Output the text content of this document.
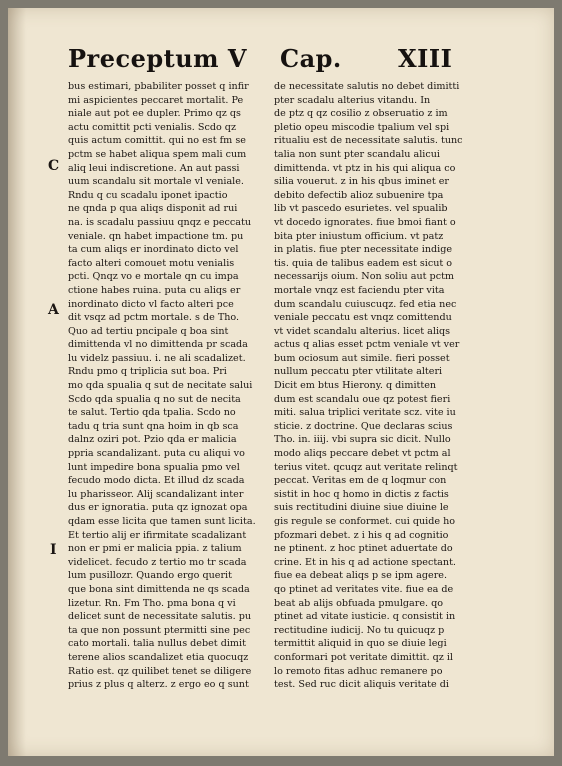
Preceptum V Cap. XIII
C
A
I
bus estimari, pbabiliter posset q infir
mi aspicientes peccaret mortalit. Pe
niale aut pot ee dupler. Primo qz qs
actu comittit pcti venialis. Scdo qz
quis actum comittit. qui no est fm se
pctm se habet aliqua spem mali cum
aliq leui indiscretione. An aut passi
uum scandalu sit mortale vl veniale.
Rndu q cu scadalu iponet ipactio
ne qnda p qua aliqs disponit ad rui
na. is scadalu passiuu qnqz e peccatu
veniale. qn habet impactione tm. pu
ta cum aliqs er inordinato dicto vel
facto alteri comouet motu venialis
pcti. Qnqz vo e mortale qn cu impa
ctione habes ruina. puta cu aliqs er
inordinato dicto vl facto alteri pce
dit vsqz ad pctm mortale. s de Tho.
Quo ad tertiu pncipale q boa sint
dimittenda vl no dimittenda pr scada
lu videlz passiuu. i. ne ali scadalizet.
Rndu pmo q triplicia sut boa. Pri
mo qda spualia q sut de necitate salui
Scdo qda spualia q no sut de necita
te salut. Tertio qda tpalia. Scdo no
tadu q tria sunt qna hoim in qb sca
dalnz oziri pot. Pzio qda er malicia
ppria scandalizant. puta cu aliqui vo
lunt impedire bona spualia pmo vel
fecudo modo dicta. Et illud dz scada
lu pharisseor. Alij scandalizant inter
dus er ignoratia. puta qz ignozat opa
qdam esse licita que tamen sunt licita.
Et tertio alij er ifirmitate scadalizant
non er pmi er malicia ppia. z talium
videlicet. fecudo z tertio mo tr scada
lum pusillozr. Quando ergo querit
que bona sint dimittenda ne qs scada
lizetur. Rn. Fm Tho. pma bona q vi
delicet sunt de necessitate salutis. pu
ta que non possunt ptermitti sine pec
cato mortali. talia nullus debet dimit
terene alios scandalizet etia quocuqz
Ratio est. qz quilibet tenet se diligere
prius z plus q alterz. z ergo eo q sunt
de necessitate salutis no debet dimitti
pter scadalu alterius vitandu. In
de ptz q qz cosilio z obseruatio z im
pletio opeu miscodie tpalium vel spi
ritualiu est de necessitate salutis. tunc
talia non sunt pter scandalu alicui
dimittenda. vt ptz in his qui aliqua co
silia vouerut. z in his qbus iminet er
debito defectib alioz subuenire tpa
lib vt pascedo esurietes. vel spualib
vt docedo ignorates. fiue bmoi fiant o
bita pter iniustum officium. vt patz
in platis. fiue pter necessitate indige
tis. quia de talibus eadem est sicut o
necessarijs oium. Non soliu aut pctm
mortale vnqz est faciendu pter vita
dum scandalu cuiuscuqz. fed etia nec
veniale peccatu est vnqz comittendu
vt videt scandalu alterius. licet aliqs
actus q alias esset pctm veniale vt ver
bum ociosum aut simile. fieri posset
nullum peccatu pter vtilitate alteri
Dicit em btus Hierony. q dimitten
dum est scandalu oue qz potest fieri
miti. salua triplici veritate scz. vite iu
sticie. z doctrine. Que declaras scius
Tho. in. iiij. vbi supra sic dicit. Nullo
modo aliqs peccare debet vt pctm al
terius vitet. qcuqz aut veritate relinqt
peccat. Veritas em de q loqmur con
sistit in hoc q homo in dictis z factis
suis rectitudini diuine siue diuine le
gis regule se conformet. cui quide ho
pfozmari debet. z i his q ad cognitio
ne ptinent. z hoc ptinet aduertate do
crine. Et in his q ad actione spectant.
fiue ea debeat aliqs p se ipm agere.
qo ptinet ad veritates vite. fiue ea de
beat ab alijs obfuada pmulgare. qo
ptinet ad vitate iusticie. q consistit in
rectitudine iudicij. No tu quicuqz p
termittit aliquid in quo se diuie legi
conformari pot veritate dimittit. qz il
lo remoto fitas adhuc remanere po
test. Sed ruc dicit aliquis veritate di
